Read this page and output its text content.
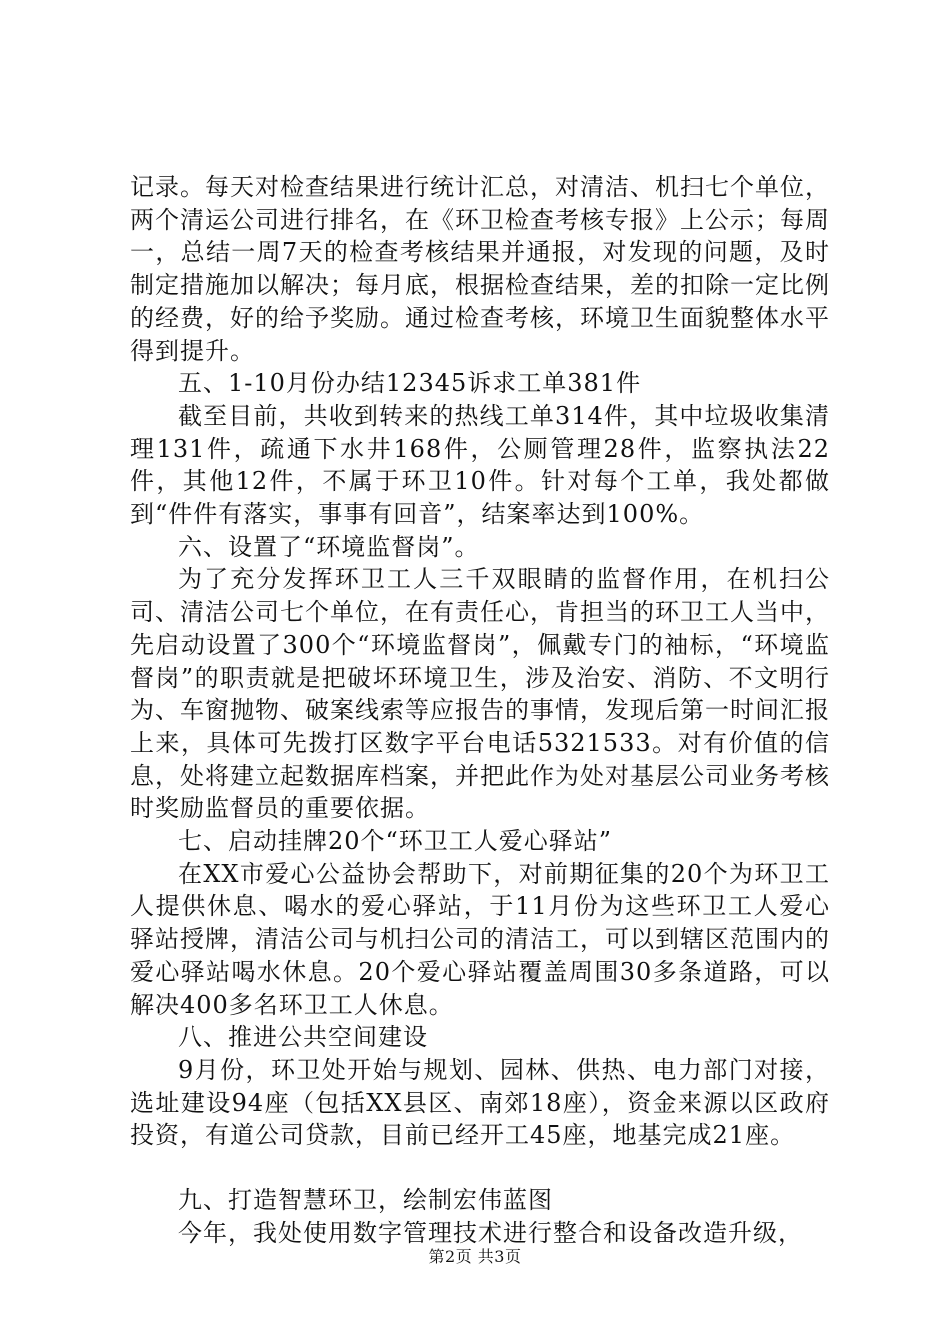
记录。每天对检查结果进行统计汇总，对清洁、机扫七个单位，两个清运公司进行排名，在《环卫检查考核专报》上公示；每周一，总结一周7天的检查考核结果并通报，对发现的问题，及时制定措施加以解决；每月底，根据检查结果，差的扣除一定比例的经费，好的给予奖励。通过检查考核，环境卫生面貌整体水平得到提升。

五、1-10月份办结12345诉求工单381件

截至目前，共收到转来的热线工单314件，其中垃圾收集清理131件，疏通下水井168件，公厕管理28件，监察执法22件，其他12件，不属于环卫10件。针对每个工单，我处都做到“件件有落实，事事有回音”，结案率达到100%。

六、设置了“环境监督岗”。

为了充分发挥环卫工人三千双眼睛的监督作用，在机扫公司、清洁公司七个单位，在有责任心，肯担当的环卫工人当中，先启动设置了300个“环境监督岗”，佩戴专门的袖标，“环境监督岗”的职责就是把破坏环境卫生，涉及治安、消防、不文明行为、车窗抛物、破案线索等应报告的事情，发现后第一时间汇报上来，具体可先拨打区数字平台电话5321533。对有价值的信息，处将建立起数据库档案，并把此作为处对基层公司业务考核时奖励监督员的重要依据。

七、启动挂牌20个“环卫工人爱心驿站”

在XX市爱心公益协会帮助下，对前期征集的20个为环卫工人提供休息、喝水的爱心驿站，于11月份为这些环卫工人爱心驿站授牌，清洁公司与机扫公司的清洁工，可以到辖区范围内的爱心驿站喝水休息。20个爱心驿站覆盖周围30多条道路，可以解决400多名环卫工人休息。

八、推进公共空间建设

9月份，环卫处开始与规划、园林、供热、电力部门对接，选址建设94座（包括XX县区、南郊18座），资金来源以区政府投资，有道公司贷款，目前已经开工45座，地基完成21座。

九、打造智慧环卫，绘制宏伟蓝图

今年，我处使用数字管理技术进行整合和设备改造升级，

第2页 共3页
